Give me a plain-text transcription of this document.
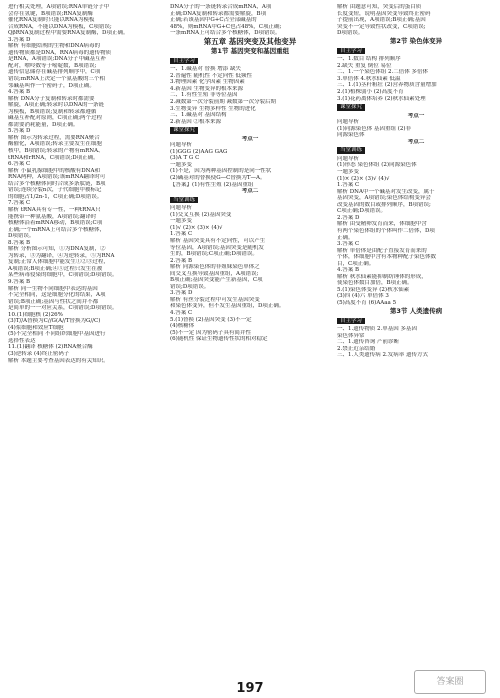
进行相关处理，A项错误;RNA单链分子中

会存在氢键，B项错误;RNA复制酶

催化RNA复制时只能以RNA为模板

合成RNA，不能以DNA为模板，C项错误;

QβRNA复制过程中需要RNA复制酶，D项正确。

3.答案 D

解析 有细胞结构的生物和DNA病毒的

遗传物质都是DNA，RNA病毒的遗传物质

是RNA，A项错误;DNA分子中碱基互补

配对，嘌呤数等于嘧啶数，B项错误;

遗传信息储存在碱基排列顺序中，C项

错误;mRNA上决定一个氨基酸的三个相

邻碱基叫作一个密码子，D项正确。

4.答案 B

解析 DNA分子复制和转录时都需要

解旋，A项正确;转录时以DNA的一条链

为模板，B项错误;复制和转录都遵循

碱基互补配对原则，C项正确;两个过程

都需要消耗能量，D项正确。

5.答案 D

解析 图示为转录过程，需要RNA聚合

酶催化，A项错误;转录主要发生在细胞

核中，B项错误;转录的产物有mRNA、

tRNA和rRNA，C项错误;D项正确。

6.答案 C

解析 小鼠乳腺细胞中的核酸有DNA和

RNA两种，A项错误;该mRNA翻译时可

结合多个核糖体同时合成多条肽链，B项

错误;连续分裂n次，子代细胞中被标记

的细胞占1/2n-1，C项正确;D项错误。

7.答案 C

解析 tRNA具有专一性，一种tRNA只

能携带一种氨基酸，A项错误;翻译时

核糖体沿着mRNA移动，B项错误;C项

正确;一个mRNA上可结合多个核糖体，

D项错误。

8.答案 B

解析 分析图示可知，①为DNA复制，②

为转录，③为翻译，④为逆转录，⑤为RNA

复制;正常人体细胞中能发生①②③过程，

A项错误;B项正确;④⑤过程只发生在被

某些病毒侵染的细胞中，C项错误;D项错误。

9.答案 B

解析 同一生物不同细胞中表达的基因

不完全相同，这是细胞分化的结果，A项

错误;B项正确;基因与性状之间并不都

是简单的一一对应关系，C项错误;D项错误。

10.(1)细胞核 (2)26%

(3)T//A替换为C//G(A//T替换为G//C)

(4)浆细胞和效应T细胞

(5)不完全相同 不同组织细胞中基因进行

选择性表达

11.(1)翻译 核糖体 (2)RNA聚合酶

(3)逆转录 (4)终止密码子

解析 本题主要考查基因表达的有关知识。

DNA分子的一条链转录合成mRNA，A项

正确;DNA复制和转录都需要解旋，B项

正确;若该基因中G+C占全部碱基的

48%，则mRNA中G+C也占48%，C项正确;

一条mRNA上可结合多个核糖体，D项错误。

第五章 基因突变及其他变异

第1节 基因突变和基因重组

自主学习

一、1.碱基对 替换 增添 缺失

2.普遍性 随机性 不定向性 低频性

3.物理因素 化学因素 生物因素

4.新基因 生物变异的根本来源

二、1.有性生殖 非等位基因

2.减数第一次分裂前期 减数第一次分裂后期

3.生物变异 生物多样性 生物的进化

三、1.碱基对 基因结构

2.新基因 ②根本来源

课堂探究

考点一

问题导析

(1)GGG (2)AAG GAG

(3)A T G C

一题多变

(1)不是，因为两种基因控制的是同一性状

(2)碱基对的替换使G—C替换为T—A。

【答案】(1)有性生殖 (2)基因重组

考点二

当堂训练

问题导析

(1)交叉互换 (2)基因突变

一题多变

(1)√ (2)× (3)× (4)√

1.答案 C

解析 基因突变具有不定向性，可以产生

等位基因，A项错误;基因突变是随机发

生的，B项错误;C项正确;D项错误。

2.答案 B

解析 同源染色体的非姐妹染色单体之

间交叉互换导致基因重组，A项错误;

B项正确;基因突变能产生新基因，C项

错误;D项错误。

3.答案 D

解析 有丝分裂过程中可发生基因突变

和染色体变异，但不发生基因重组，D项正确。

4.答案 C

5.(1)替换 (2)基因突变 (3)不一定

(4)核糖体

(5)不一定 因为密码子具有简并性

(6)随机性 保证生物遗传性状的相对稳定

解析 由题意可知，突变后的蛋白质

长度变短，说明基因突变导致终止密码

子提前出现，A项错误;B项正确;基因

突变不一定导致性状改变，C项错误;

D项错误。

第2节 染色体变异

自主学习

一、1.数目 结构 排列顺序

2.缺失 重复 倒位 易位

二、1.一个染色体组 2.二倍体 多倍体

3.单倍体 4.秋水仙素 低温

三、1.(1)茎秆粗壮 (2)营养物质含量增加

2.(1)植株弱小 (2)高度不育

3.(1)花药离体培养 (2)秋水仙素处理

课堂探究

考点一

问题导析

(1)同源染色体 基因重组 (2)非

同源染色体

考点二

当堂训练

问题导析

(1)形态 染色体组 (2)同源染色体

一题多变

(1)× (2)× (3)√ (4)√

1.答案 C

解析 DNA中一个碱基对发生改变，属于

基因突变，A项错误;染色体结构变异会

改变基因的数目或排列顺序，B项错误;

C项正确;D项错误。

2.答案 D

解析 由受精卵发育而来，体细胞中含

有两个染色体组的个体叫作二倍体，D项

正确。

3.答案 C

解析 单倍体是由配子直接发育而来的

个体，体细胞中含有本物种配子染色体数

目，C项正确。

4.答案 B

解析 秋水仙素能抑制纺锤体的形成，

使染色体数目加倍，B项正确。

5.(1)染色体变异 (2)秋水仙素

(3)四 (4)六 单倍体 3

(5)高度不育 (6)AAaa 5

第3节 人类遗传病

自主学习

一、1.遗传物质 2.单基因 多基因

染色体异常

二、1.遗传咨询 产前诊断

2.禁止近亲结婚

三、1.人类遗传病 2.发病率 遗传方式

197	答案圈
